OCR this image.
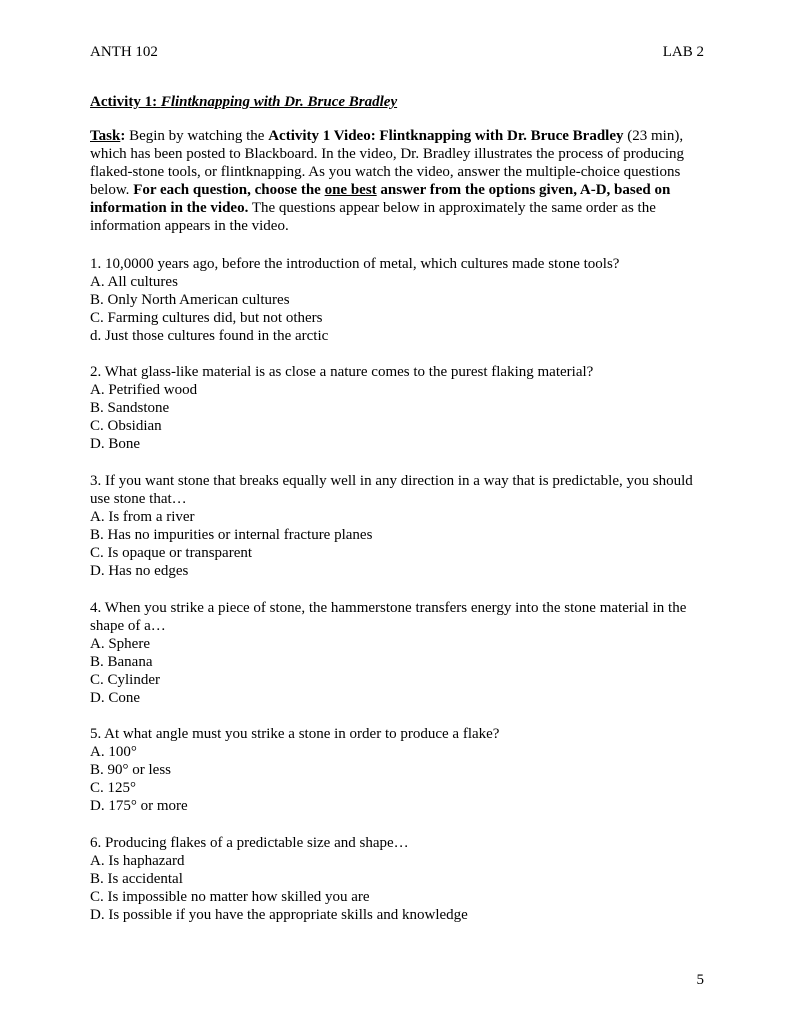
ANTH 102	LAB 2
Activity 1: Flintknapping with Dr. Bruce Bradley

Task: Begin by watching the Activity 1 Video: Flintknapping with Dr. Bruce Bradley (23 min), which has been posted to Blackboard. In the video, Dr. Bradley illustrates the process of producing flaked-stone tools, or flintknapping. As you watch the video, answer the multiple-choice questions below. For each question, choose the one best answer from the options given, A-D, based on information in the video. The questions appear below in approximately the same order as the information appears in the video.

1. 10,0000 years ago, before the introduction of metal, which cultures made stone tools?
A. All cultures
B. Only North American cultures
C. Farming cultures did, but not others
d. Just those cultures found in the arctic
2. What glass-like material is as close a nature comes to the purest flaking material?
A. Petrified wood
B. Sandstone
C. Obsidian
D. Bone
3. If you want stone that breaks equally well in any direction in a way that is predictable, you should use stone that…
A. Is from a river
B. Has no impurities or internal fracture planes
C. Is opaque or transparent
D. Has no edges
4. When you strike a piece of stone, the hammerstone transfers energy into the stone material in the shape of a…
A. Sphere
B. Banana
C. Cylinder
D. Cone
5. At what angle must you strike a stone in order to produce a flake?
A. 100°
B. 90° or less
C. 125°
D. 175° or more
6. Producing flakes of a predictable size and shape…
A. Is haphazard
B. Is accidental
C. Is impossible no matter how skilled you are
D. Is possible if you have the appropriate skills and knowledge
5
